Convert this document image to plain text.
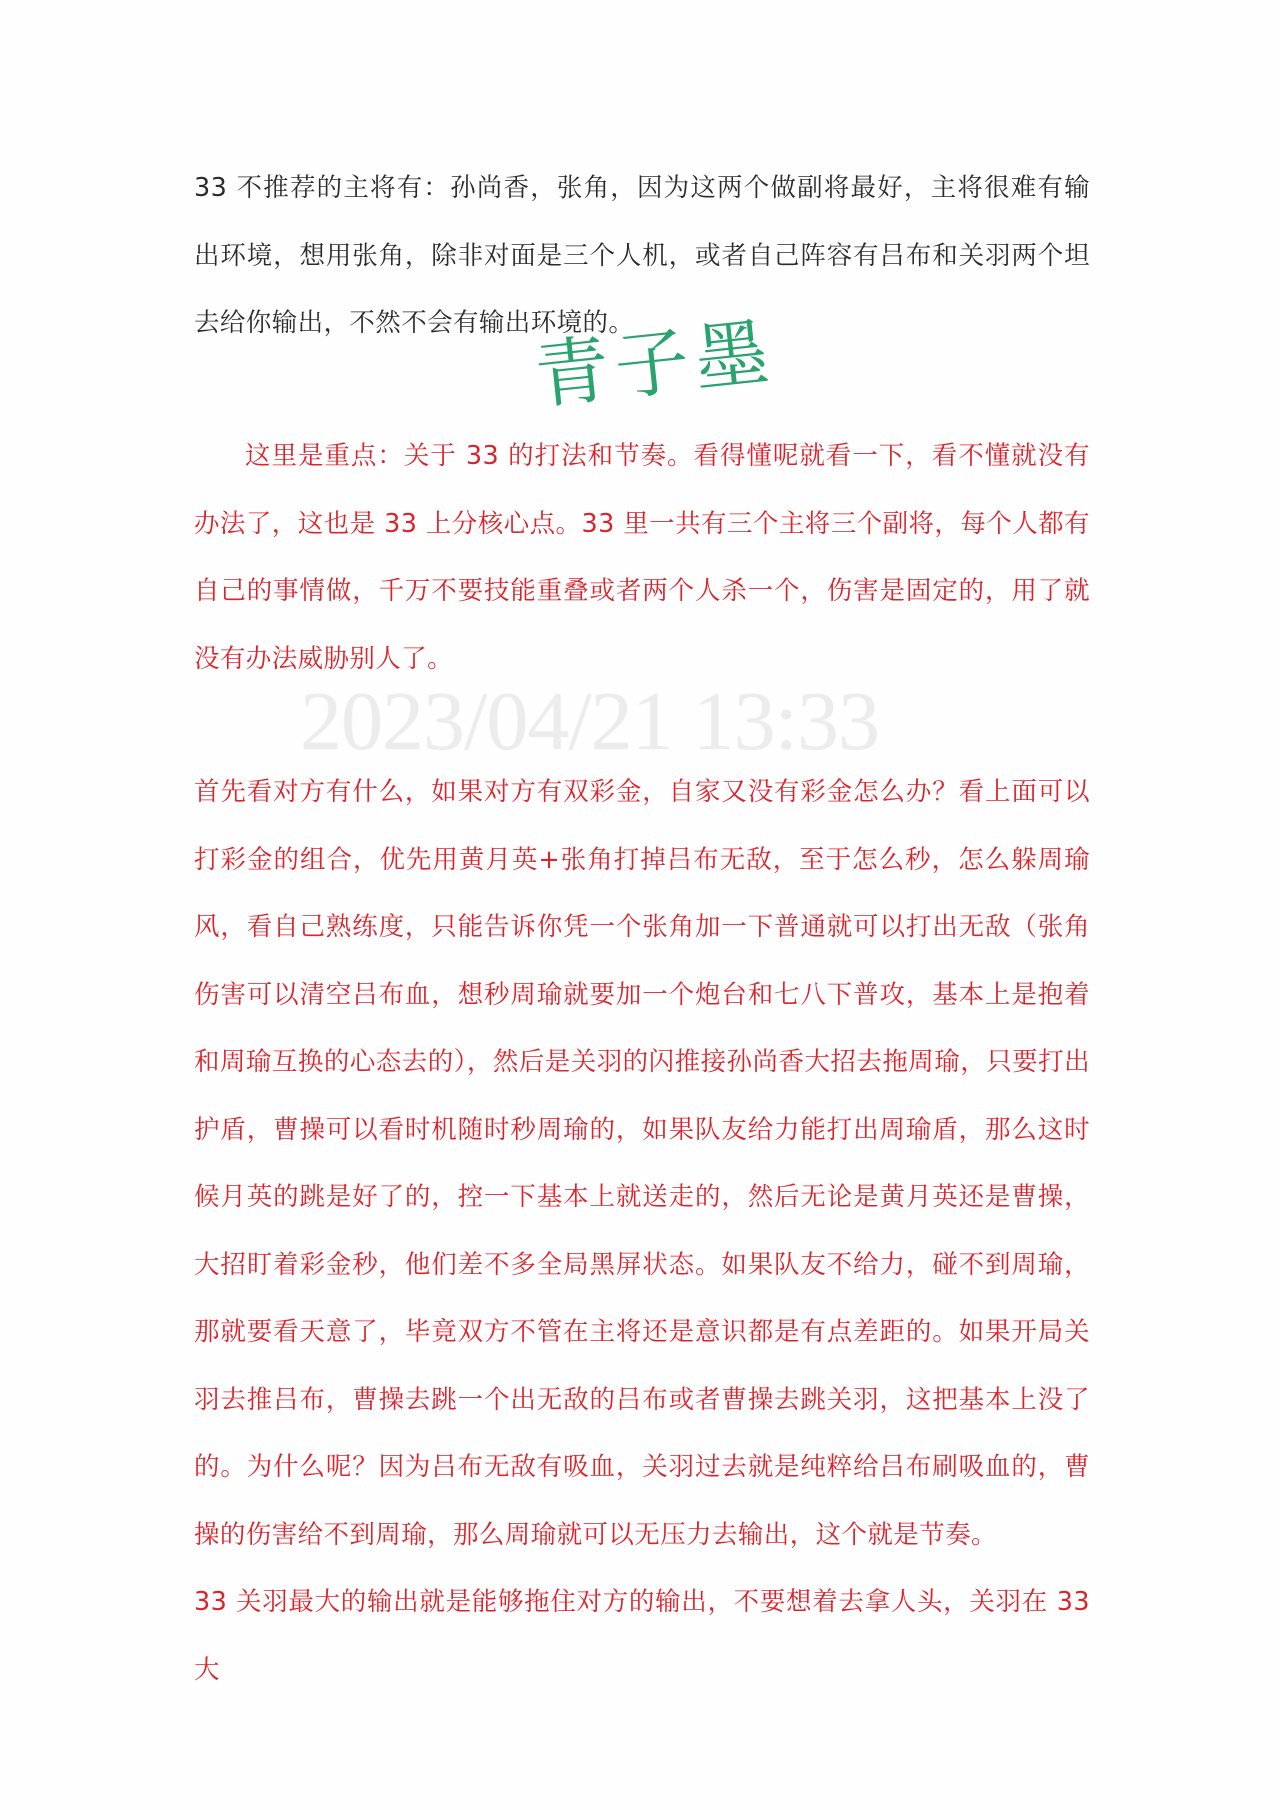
33 不推荐的主将有：孙尚香，张角，因为这两个做副将最好，主将很难有输出环境，想用张角，除非对面是三个人机，或者自己阵容有吕布和关羽两个坦去给你输出，不然不会有输出环境的。

青子墨

这里是重点：关于 33 的打法和节奏。看得懂呢就看一下，看不懂就没有办法了，这也是 33 上分核心点。33 里一共有三个主将三个副将，每个人都有自己的事情做，千万不要技能重叠或者两个人杀一个，伤害是固定的，用了就没有办法威胁别人了。

2023/04/21 13:33

首先看对方有什么，如果对方有双彩金，自家又没有彩金怎么办？看上面可以打彩金的组合，优先用黄月英+张角打掉吕布无敌，至于怎么秒，怎么躲周瑜风，看自己熟练度，只能告诉你凭一个张角加一下普通就可以打出无敌（张角伤害可以清空吕布血，想秒周瑜就要加一个炮台和七八下普攻，基本上是抱着和周瑜互换的心态去的），然后是关羽的闪推接孙尚香大招去拖周瑜，只要打出护盾，曹操可以看时机随时秒周瑜的，如果队友给力能打出周瑜盾，那么这时候月英的跳是好了的，控一下基本上就送走的，然后无论是黄月英还是曹操，大招盯着彩金秒，他们差不多全局黑屏状态。如果队友不给力，碰不到周瑜，那就要看天意了，毕竟双方不管在主将还是意识都是有点差距的。如果开局关羽去推吕布，曹操去跳一个出无敌的吕布或者曹操去跳关羽，这把基本上没了的。为什么呢？因为吕布无敌有吸血，关羽过去就是纯粹给吕布刷吸血的，曹操的伤害给不到周瑜，那么周瑜就可以无压力去输出，这个就是节奏。

33 关羽最大的输出就是能够拖住对方的输出，不要想着去拿人头，关羽在 33 大
